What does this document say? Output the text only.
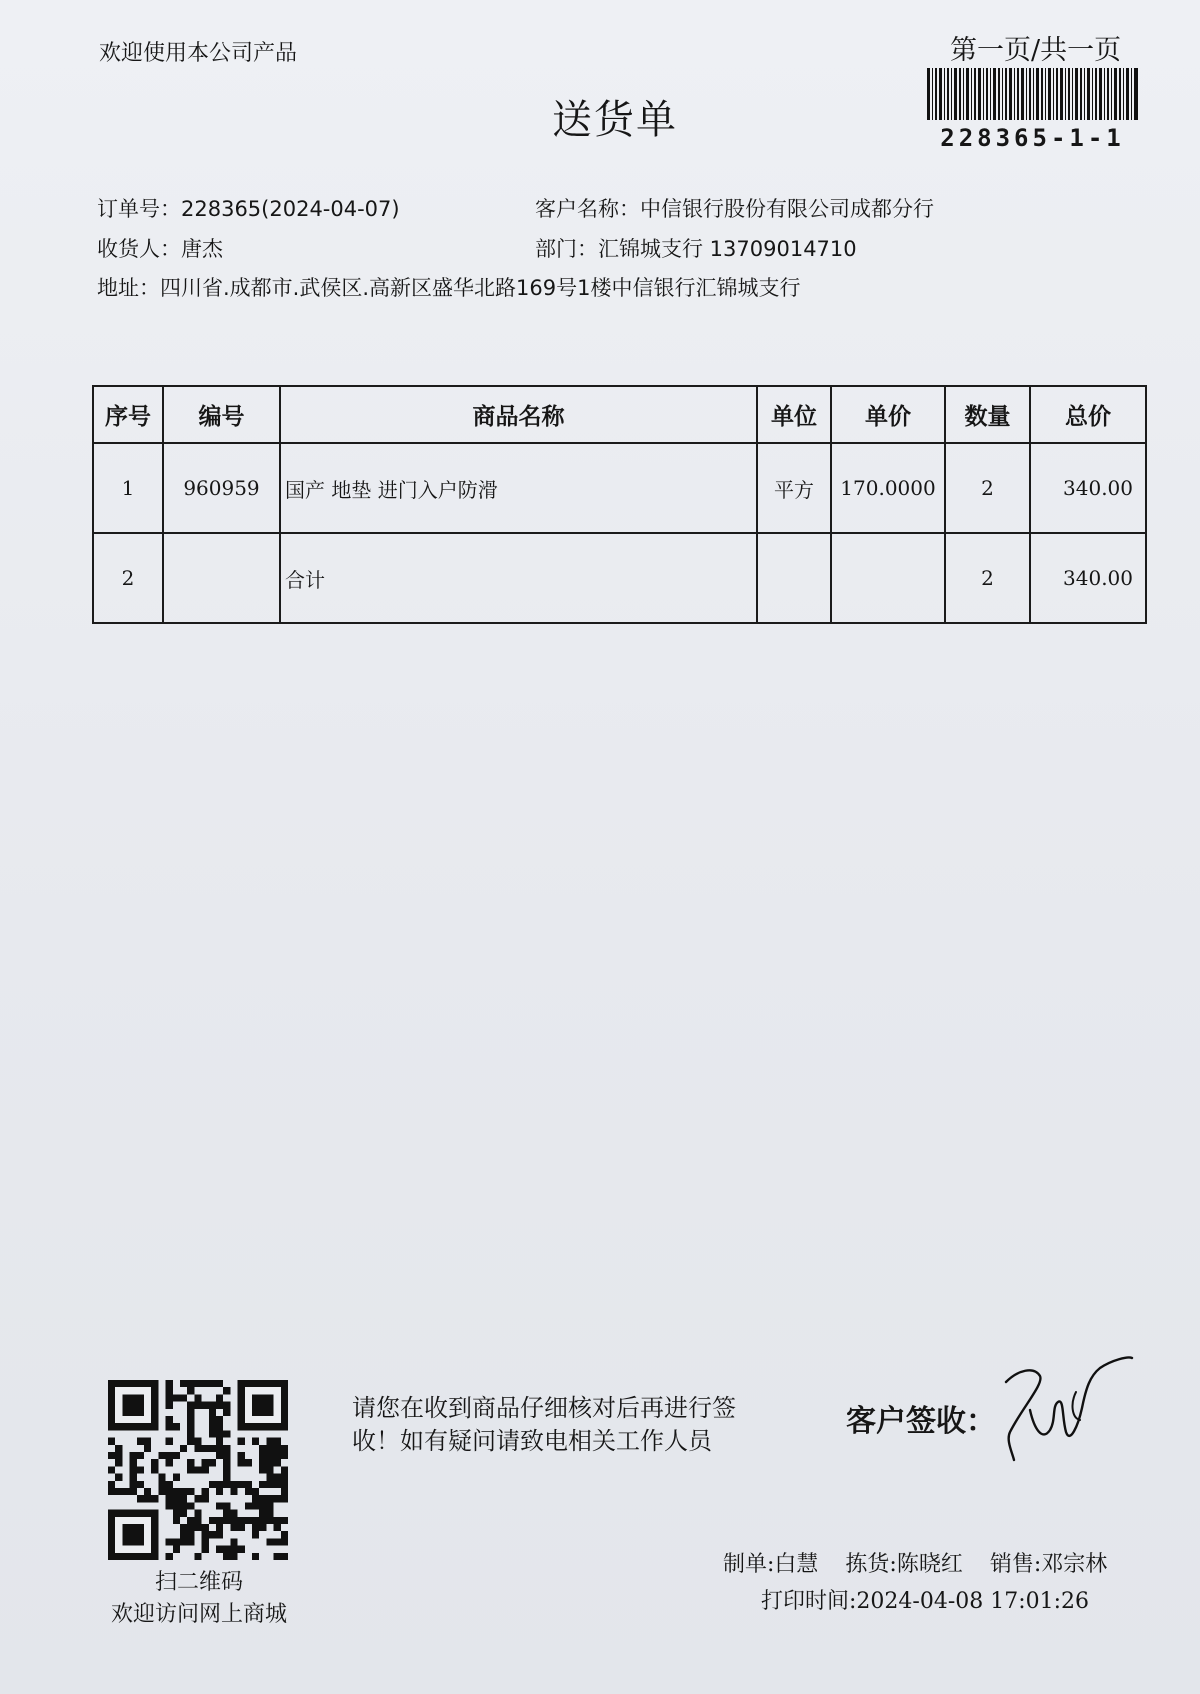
欢迎使用本公司产品	第一页/共一页
送货单	228365-1-1
订单号：228365(2024-04-07)
收货人：唐杰
地址：四川省.成都市.武侯区.高新区盛华北路169号1楼中信银行汇锦城支行
客户名称：中信银行股份有限公司成都分行
部门：汇锦城支行 13709014710
序号	编号	商品名称	单位	单价	数量	总价
1	960959	国产 地垫 进门入户防滑	平方	170.0000	2	340.00
2		合计			2	340.00
扫二维码
欢迎访问网上商城
请您在收到商品仔细核对后再进行签收！如有疑问请致电相关工作人员
客户签收：
制单:白慧 拣货:陈晓红 销售:邓宗林
打印时间:2024-04-08 17:01:26
